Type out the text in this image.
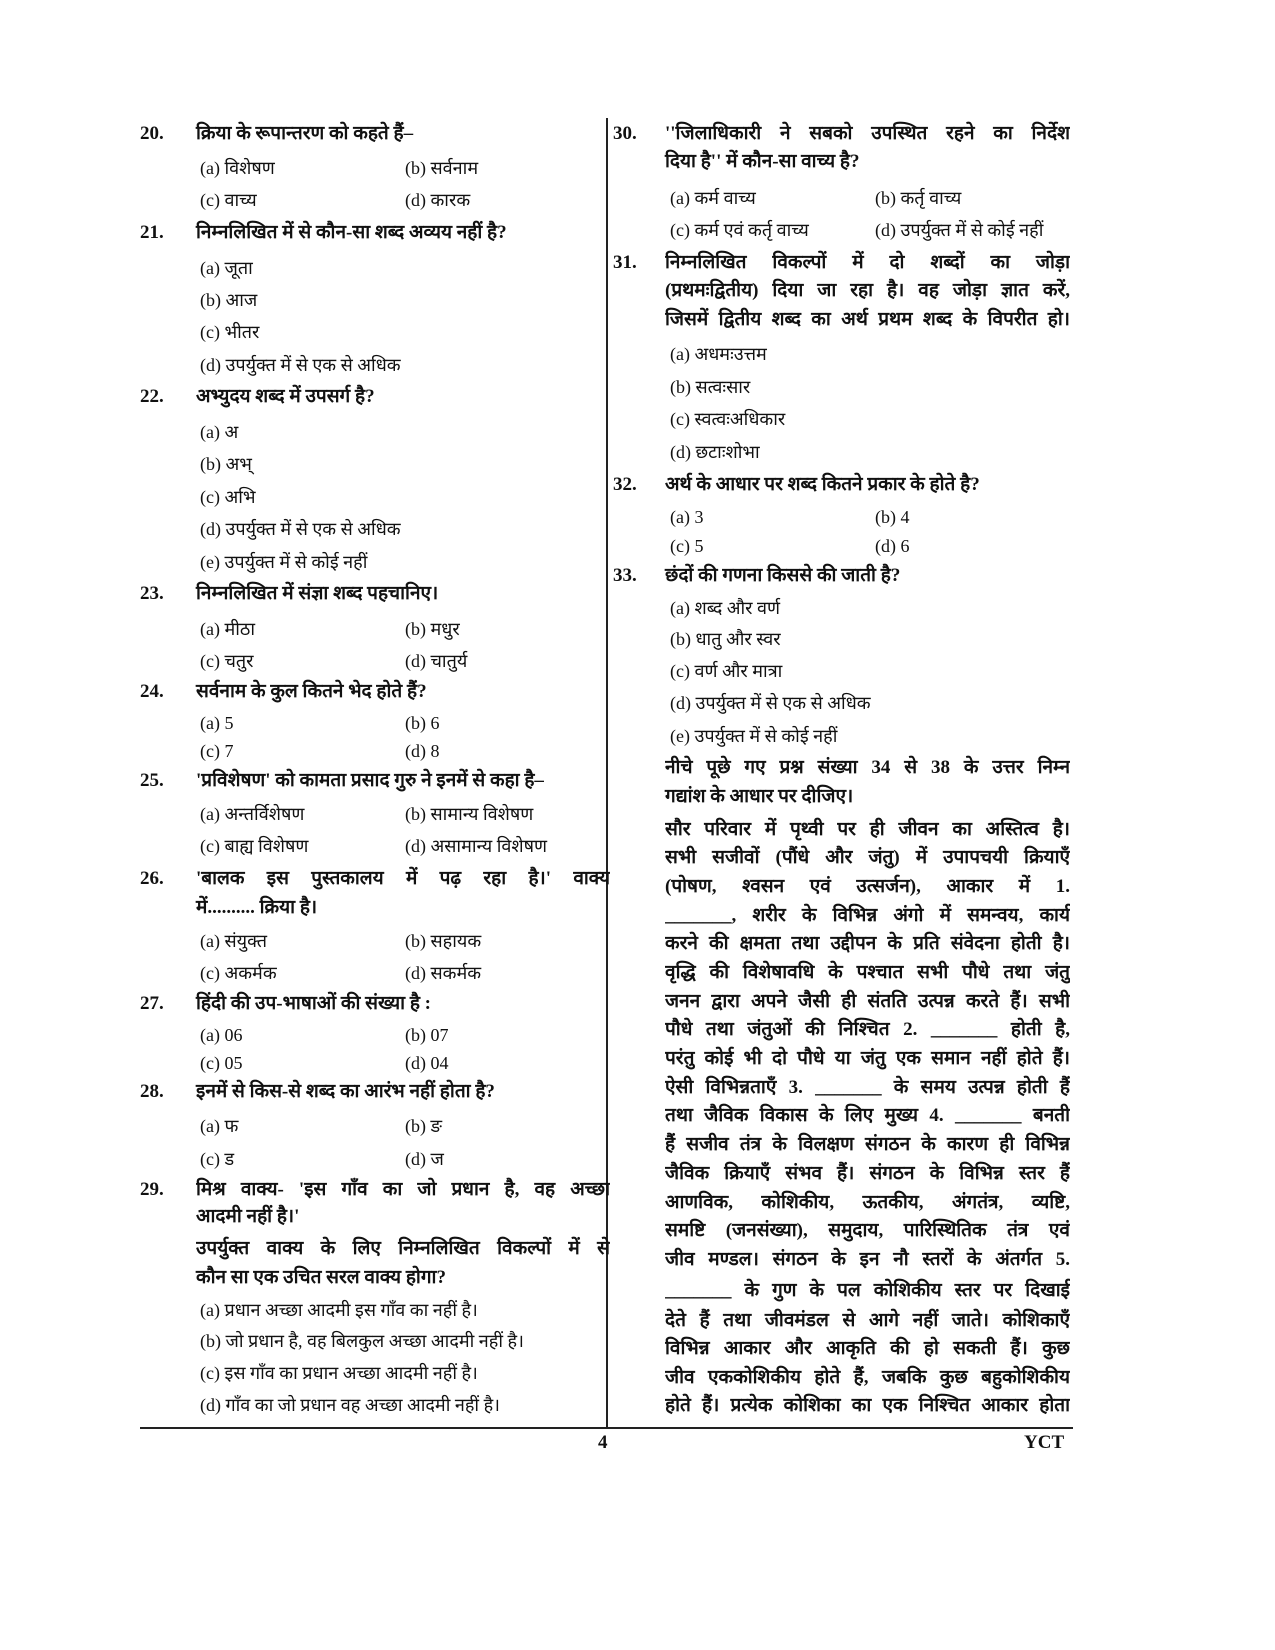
4	YCT
20. क्रिया के रूपान्तरण को कहते हैं–
(a) विशेषण	(b) सर्वनाम
(c) वाच्य	(d) कारक
21. निम्नलिखित में से कौन-सा शब्द अव्यय नहीं है?
(a) जूता
(b) आज
(c) भीतर
(d) उपर्युक्त में से एक से अधिक
22. अभ्युदय शब्द में उपसर्ग है?
(a) अ
(b) अभ्
(c) अभि
(d) उपर्युक्त में से एक से अधिक
(e) उपर्युक्त में से कोई नहीं
23. निम्नलिखित में संज्ञा शब्द पहचानिए।
(a) मीठा	(b) मधुर
(c) चतुर	(d) चातुर्य
24. सर्वनाम के कुल कितने भेद होते हैं?
(a) 5	(b) 6
(c) 7	(d) 8
25. 'प्रविशेषण' को कामता प्रसाद गुरु ने इनमें से कहा है–
(a) अन्तर्विशेषण	(b) सामान्य विशेषण
(c) बाह्य विशेषण	(d) असामान्य विशेषण
26. 'बालक इस पुस्तकालय में पढ़ रहा है।' वाक्य
में.......... क्रिया है।
(a) संयुक्त	(b) सहायक
(c) अकर्मक	(d) सकर्मक
27. हिंदी की उप-भाषाओं की संख्या है :
(a) 06	(b) 07
(c) 05	(d) 04
28. इनमें से किस-से शब्द का आरंभ नहीं होता है?
(a) फ	(b) ङ
(c) ड	(d) ज
29. मिश्र वाक्य- 'इस गाँव का जो प्रधान है, वह अच्छा
आदमी नहीं है।'
उपर्युक्त वाक्य के लिए निम्नलिखित विकल्पों में से
कौन सा एक उचित सरल वाक्य होगा?
(a) प्रधान अच्छा आदमी इस गाँव का नहीं है।
(b) जो प्रधान है, वह बिलकुल अच्छा आदमी नहीं है।
(c) इस गाँव का प्रधान अच्छा आदमी नहीं है।
(d) गाँव का जो प्रधान वह अच्छा आदमी नहीं है।
30. ''जिलाधिकारी ने सबको उपस्थित रहने का निर्देश
दिया है'' में कौन-सा वाच्य है?
(a) कर्म वाच्य	(b) कर्तृ वाच्य
(c) कर्म एवं कर्तृ वाच्य	(d) उपर्युक्त में से कोई नहीं
31. निम्नलिखित विकल्पों में दो शब्दों का जोड़ा
(प्रथमःद्वितीय) दिया जा रहा है। वह जोड़ा ज्ञात करें,
जिसमें द्वितीय शब्द का अर्थ प्रथम शब्द के विपरीत हो।
(a) अधमःउत्तम
(b) सत्वःसार
(c) स्वत्वःअधिकार
(d) छटाःशोभा
32. अर्थ के आधार पर शब्द कितने प्रकार के होते है?
(a) 3	(b) 4
(c) 5	(d) 6
33. छंदों की गणना किससे की जाती है?
(a) शब्द और वर्ण
(b) धातु और स्वर
(c) वर्ण और मात्रा
(d) उपर्युक्त में से एक से अधिक
(e) उपर्युक्त में से कोई नहीं
नीचे पूछे गए प्रश्न संख्या 34 से 38 के उत्तर निम्न
गद्यांश के आधार पर दीजिए।
सौर परिवार में पृथ्वी पर ही जीवन का अस्तित्व है।
सभी सजीवों (पौंधे और जंतु) में उपापचयी क्रियाएँ
(पोषण, श्वसन एवं उत्सर्जन), आकार में 1.
_______, शरीर के विभिन्न अंगो में समन्वय, कार्य
करने की क्षमता तथा उद्दीपन के प्रति संवेदना होती है।
वृद्धि की विशेषावधि के पश्चात सभी पौधे तथा जंतु
जनन द्वारा अपने जैसी ही संतति उत्पन्न करते हैं। सभी
पौधे तथा जंतुओं की निश्चित 2. _______ होती है,
परंतु कोई भी दो पौधे या जंतु एक समान नहीं होते हैं।
ऐसी विभिन्नताएँ 3. _______ के समय उत्पन्न होती हैं
तथा जैविक विकास के लिए मुख्य 4. _______ बनती
हैं सजीव तंत्र के विलक्षण संगठन के कारण ही विभिन्न
जैविक क्रियाएँ संभव हैं। संगठन के विभिन्न स्तर हैं
आणविक, कोशिकीय, ऊतकीय, अंगतंत्र, व्यष्टि,
समष्टि (जनसंख्या), समुदाय, पारिस्थितिक तंत्र एवं
जीव मण्डल। संगठन के इन नौ स्तरों के अंतर्गत 5.
_______ के गुण के पल कोशिकीय स्तर पर दिखाई
देते हैं तथा जीवमंडल से आगे नहीं जाते। कोशिकाएँ
विभिन्न आकार और आकृति की हो सकती हैं। कुछ
जीव एककोशिकीय होते हैं, जबकि कुछ बहुकोशिकीय
होते हैं। प्रत्येक कोशिका का एक निश्चित आकार होता
